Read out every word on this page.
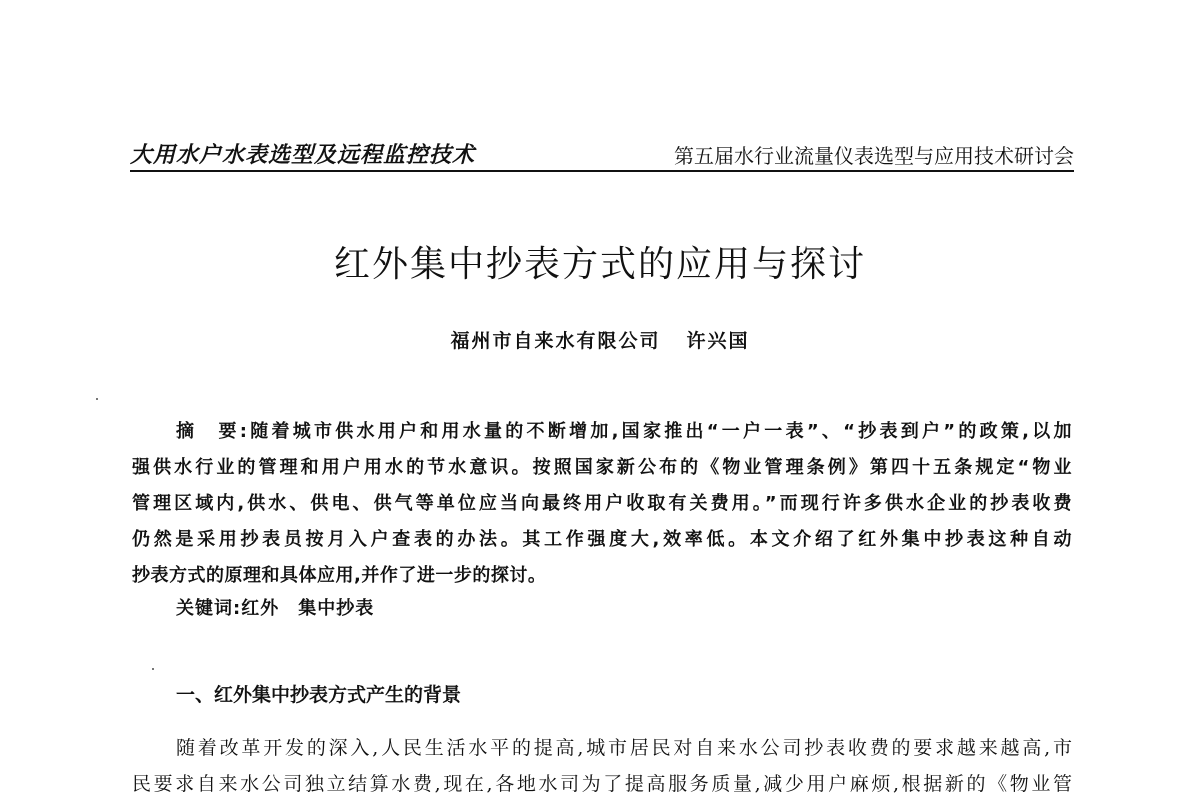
大用水户水表选型及远程监控技术	第五届水行业流量仪表选型与应用技术研讨会
红外集中抄表方式的应用与探讨
福州市自来水有限公司 许兴国
摘　要:随着城市供水用户和用水量的不断增加,国家推出“一户一表”、“抄表到户”的政策,以加
强供水行业的管理和用户用水的节水意识。按照国家新公布的《物业管理条例》第四十五条规定“物业
管理区域内,供水、供电、供气等单位应当向最终用户收取有关费用。”而现行许多供水企业的抄表收费
仍然是采用抄表员按月入户查表的办法。其工作强度大,效率低。本文介绍了红外集中抄表这种自动
抄表方式的原理和具体应用,并作了进一步的探讨。
关键词:红外　集中抄表
一、红外集中抄表方式产生的背景
随着改革开发的深入,人民生活水平的提高,城市居民对自来水公司抄表收费的要求越来越高,市
民要求自来水公司独立结算水费,现在,各地水司为了提高服务质量,减少用户麻烦,根据新的《物业管
